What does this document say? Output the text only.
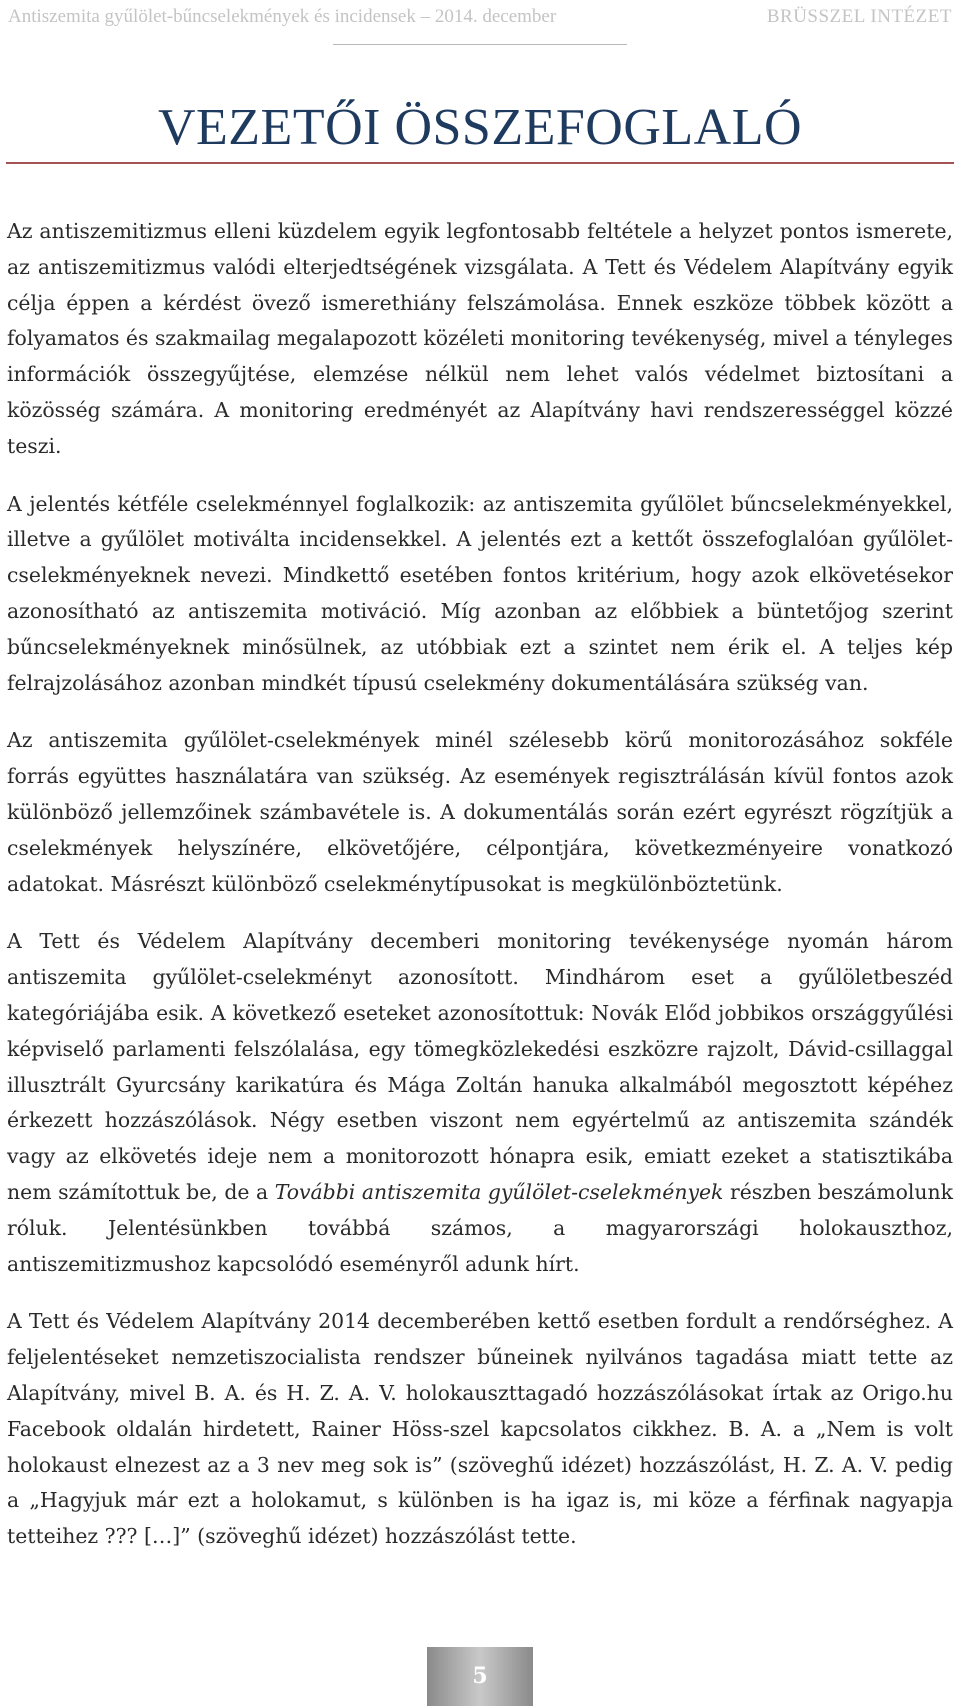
Antiszemita gyűlölet-bűncselekmények és incidensek – 2014. december	BRÜSSZEL INTÉZET
VEZETŐI ÖSSZEFOGLALÓ

Az antiszemitizmus elleni küzdelem egyik legfontosabb feltétele a helyzet pontos ismerete, az antiszemitizmus valódi elterjedtségének vizsgálata. A Tett és Védelem Alapítvány egyik célja éppen a kérdést övező ismerethiány felszámolása. Ennek eszköze többek között a folyamatos és szakmailag megalapozott közéleti monitoring tevékenység, mivel a tényleges információk összegyűjtése, elemzése nélkül nem lehet valós védelmet biztosítani a közösség számára. A monitoring eredményét az Alapítvány havi rendszerességgel közzé teszi.

A jelentés kétféle cselekménnyel foglalkozik: az antiszemita gyűlölet bűncselekményekkel, illetve a gyűlölet motiválta incidensekkel. A jelentés ezt a kettőt összefoglalóan gyűlölet-cselekményeknek nevezi. Mindkettő esetében fontos kritérium, hogy azok elkövetésekor azonosítható az antiszemita motiváció. Míg azonban az előbbiek a büntetőjog szerint bűncselekményeknek minősülnek, az utóbbiak ezt a szintet nem érik el. A teljes kép felrajzolásához azonban mindkét típusú cselekmény dokumentálására szükség van.

Az antiszemita gyűlölet-cselekmények minél szélesebb körű monitorozásához sokféle forrás együttes használatára van szükség. Az események regisztrálásán kívül fontos azok különböző jellemzőinek számbavétele is. A dokumentálás során ezért egyrészt rögzítjük a cselekmények helyszínére, elkövetőjére, célpontjára, következményeire vonatkozó adatokat. Másrészt különböző cselekménytípusokat is megkülönböztetünk.

A Tett és Védelem Alapítvány decemberi monitoring tevékenysége nyomán három antiszemita gyűlölet-cselekményt azonosított. Mindhárom eset a gyűlöletbeszéd kategóriájába esik. A következő eseteket azonosítottuk: Novák Előd jobbikos országgyűlési képviselő parlamenti felszólalása, egy tömegközlekedési eszközre rajzolt, Dávid-csillaggal illusztrált Gyurcsány karikatúra és Mága Zoltán hanuka alkalmából megosztott képéhez érkezett hozzászólások. Négy esetben viszont nem egyértelmű az antiszemita szándék vagy az elkövetés ideje nem a monitorozott hónapra esik, emiatt ezeket a statisztikába nem számítottuk be, de a További antiszemita gyűlölet-cselekmények részben beszámolunk róluk. Jelentésünkben továbbá számos, a magyarországi holokauszthoz, antiszemitizmushoz kapcsolódó eseményről adunk hírt.

A Tett és Védelem Alapítvány 2014 decemberében kettő esetben fordult a rendőrséghez. A feljelentéseket nemzetiszocialista rendszer bűneinek nyilvános tagadása miatt tette az Alapítvány, mivel B. A. és H. Z. A. V. holokauszttagadó hozzászólásokat írtak az Origo.hu Facebook oldalán hirdetett, Rainer Höss-szel kapcsolatos cikkhez. B. A. a „Nem is volt holokaust elnezest az a 3 nev meg sok is” (szöveghű idézet) hozzászólást, H. Z. A. V. pedig a „Hagyjuk már ezt a holokamut, s különben is ha igaz is, mi köze a férfinak nagyapja tetteihez ??? […]” (szöveghű idézet) hozzászólást tette.

5
